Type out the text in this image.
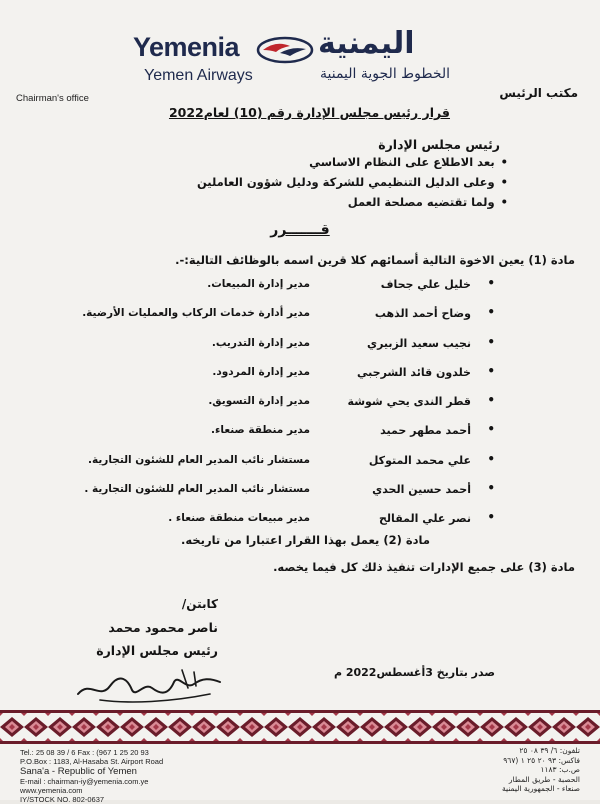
Yemenia
Yemen Airways
اليمنية
الخطوط الجوية اليمنية
Chairman's office	مكتب الرئيس
قرار رئيس مجلس الإدارة رقم (10) لعام2022
رئيس مجلس الإدارة
• بعد الاطلاع على النظام الاساسي
• وعلى الدليل التنظيمي للشركة ودليل شؤون العاملين
• ولما تقتضيه مصلحة العمل
قـــــــرر
مادة (1) يعين الاخوة التالية أسمائهم كلا قرين اسمه بالوظائف التالية:-.
•
خليل علي جحاف
مدير إدارة المبيعات.
•
وضاح أحمد الذهب
مدير أدارة خدمات الركاب والعمليات الأرضية.
•
نجيب سعيد الزبيري
مدير إدارة التدريب.
•
خلدون قائد الشرجبي
مدير إدارة المردود.
•
قطر الندى يحي شوشة
مدير إدارة التسويق.
•
أحمد مطهر حميد
مدير منطقة صنعاء.
•
علي محمد المتوكل
مستشار نائب المدير العام للشئون التجارية.
•
أحمد حسين الحدي
مستشار نائب المدير العام للشئون التجارية .
•
نصر علي المقالح
مدير مبيعات منطقة صنعاء .
مادة (2) يعمل بهذا القرار اعتبارا من تاريخه.
مادة (3) على جميع الإدارات تنفيذ ذلك كل فيما يخصه.
كابتن/
ناصر محمود محمد
رئيس مجلس الإدارة
صدر بتاريخ 3أغسطس2022 م
Tel.: 25 08 39 / 6 Fax : (967 1 25 20 93
P.O.Box : 1183, Al-Hasaba St. Airport Road
Sana'a - Republic of Yemen
E-mail : chairman-iy@yemenia.com.ye
www.yemenia.com
IY/STOCK NO. 802-0637
تلفون: ٦/ ٣٩ ٠٨ ٢٥
فاكس: ٩٣ ٢٠ ٢٥ ١ (٩٦٧
ص.ب: ١١٨٣
الحصبة - طريق المطار
صنعاء - الجمهورية اليمنية
